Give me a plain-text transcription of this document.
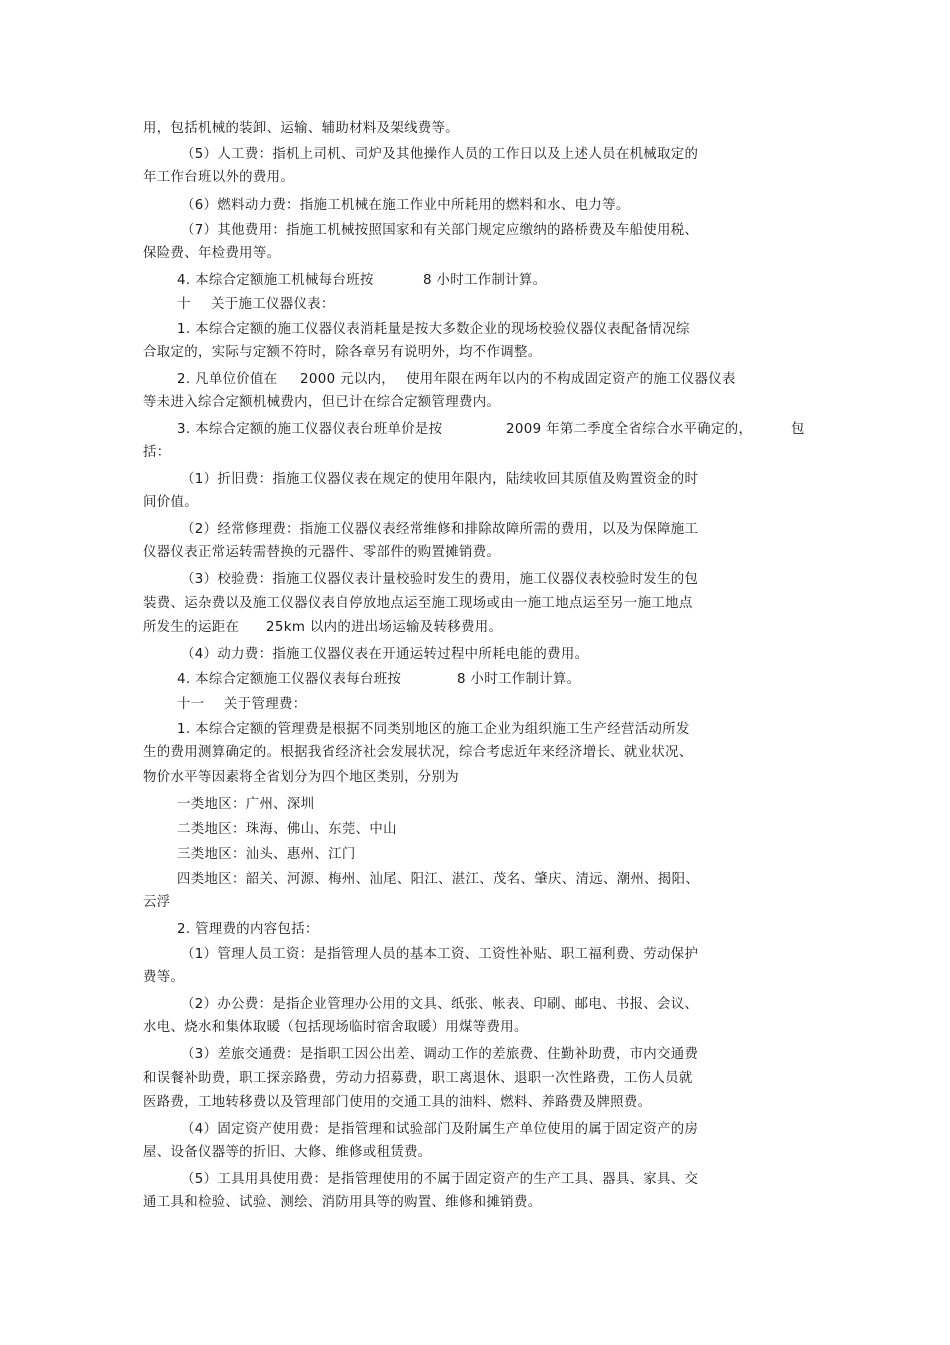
用，包括机械的装卸、运输、辅助材料及架线费等。
（5）人工费：指机上司机、司炉及其他操作人员的工作日以及上述人员在机械取定的
年工作台班以外的费用。
（6）燃料动力费：指施工机械在施工作业中所耗用的燃料和水、电力等。
（7）其他费用：指施工机械按照国家和有关部门规定应缴纳的路桥费及车船使用税、
保险费、年检费用等。
4. 本综合定额施工机械每台班按	8 小时工作制计算。
十 关于施工仪器仪表：
1. 本综合定额的施工仪器仪表消耗量是按大多数企业的现场校验仪器仪表配备情况综
合取定的，实际与定额不符时，除各章另有说明外，均不作调整。
2. 凡单位价值在 2000 元以内， 使用年限在两年以内的不构成固定资产的施工仪器仪表
等未进入综合定额机械费内，但已计在综合定额管理费内。
3. 本综合定额的施工仪器仪表台班单价是按	2009 年第二季度全省综合水平确定的，	包
括：
（1）折旧费：指施工仪器仪表在规定的使用年限内，陆续收回其原值及购置资金的时
间价值。
（2）经常修理费：指施工仪器仪表经常维修和排除故障所需的费用，以及为保障施工
仪器仪表正常运转需替换的元器件、零部件的购置摊销费。
（3）校验费：指施工仪器仪表计量校验时发生的费用，施工仪器仪表校验时发生的包
装费、运杂费以及施工仪器仪表自停放地点运至施工现场或由一施工地点运至另一施工地点
所发生的运距在 25km 以内的进出场运输及转移费用。
（4）动力费：指施工仪器仪表在开通运转过程中所耗电能的费用。
4. 本综合定额施工仪器仪表每台班按	8 小时工作制计算。
十一 关于管理费：
1. 本综合定额的管理费是根据不同类别地区的施工企业为组织施工生产经营活动所发
生的费用测算确定的。根据我省经济社会发展状况，综合考虑近年来经济增长、就业状况、
物价水平等因素将全省划分为四个地区类别，分别为
一类地区：广州、深圳
二类地区：珠海、佛山、东莞、中山
三类地区：汕头、惠州、江门
四类地区：韶关、河源、梅州、汕尾、阳江、湛江、茂名、肇庆、清远、潮州、揭阳、
云浮
2. 管理费的内容包括：
（1）管理人员工资：是指管理人员的基本工资、工资性补贴、职工福利费、劳动保护
费等。
（2）办公费：是指企业管理办公用的文具、纸张、帐表、印刷、邮电、书报、会议、
水电、烧水和集体取暖（包括现场临时宿舍取暖）用煤等费用。
（3）差旅交通费：是指职工因公出差、调动工作的差旅费、住勤补助费，市内交通费
和误餐补助费，职工探亲路费，劳动力招募费，职工离退休、退职一次性路费，工伤人员就
医路费，工地转移费以及管理部门使用的交通工具的油料、燃料、养路费及牌照费。
（4）固定资产使用费：是指管理和试验部门及附属生产单位使用的属于固定资产的房
屋、设备仪器等的折旧、大修、维修或租赁费。
（5）工具用具使用费：是指管理使用的不属于固定资产的生产工具、器具、家具、交
通工具和检验、试验、测绘、消防用具等的购置、维修和摊销费。
